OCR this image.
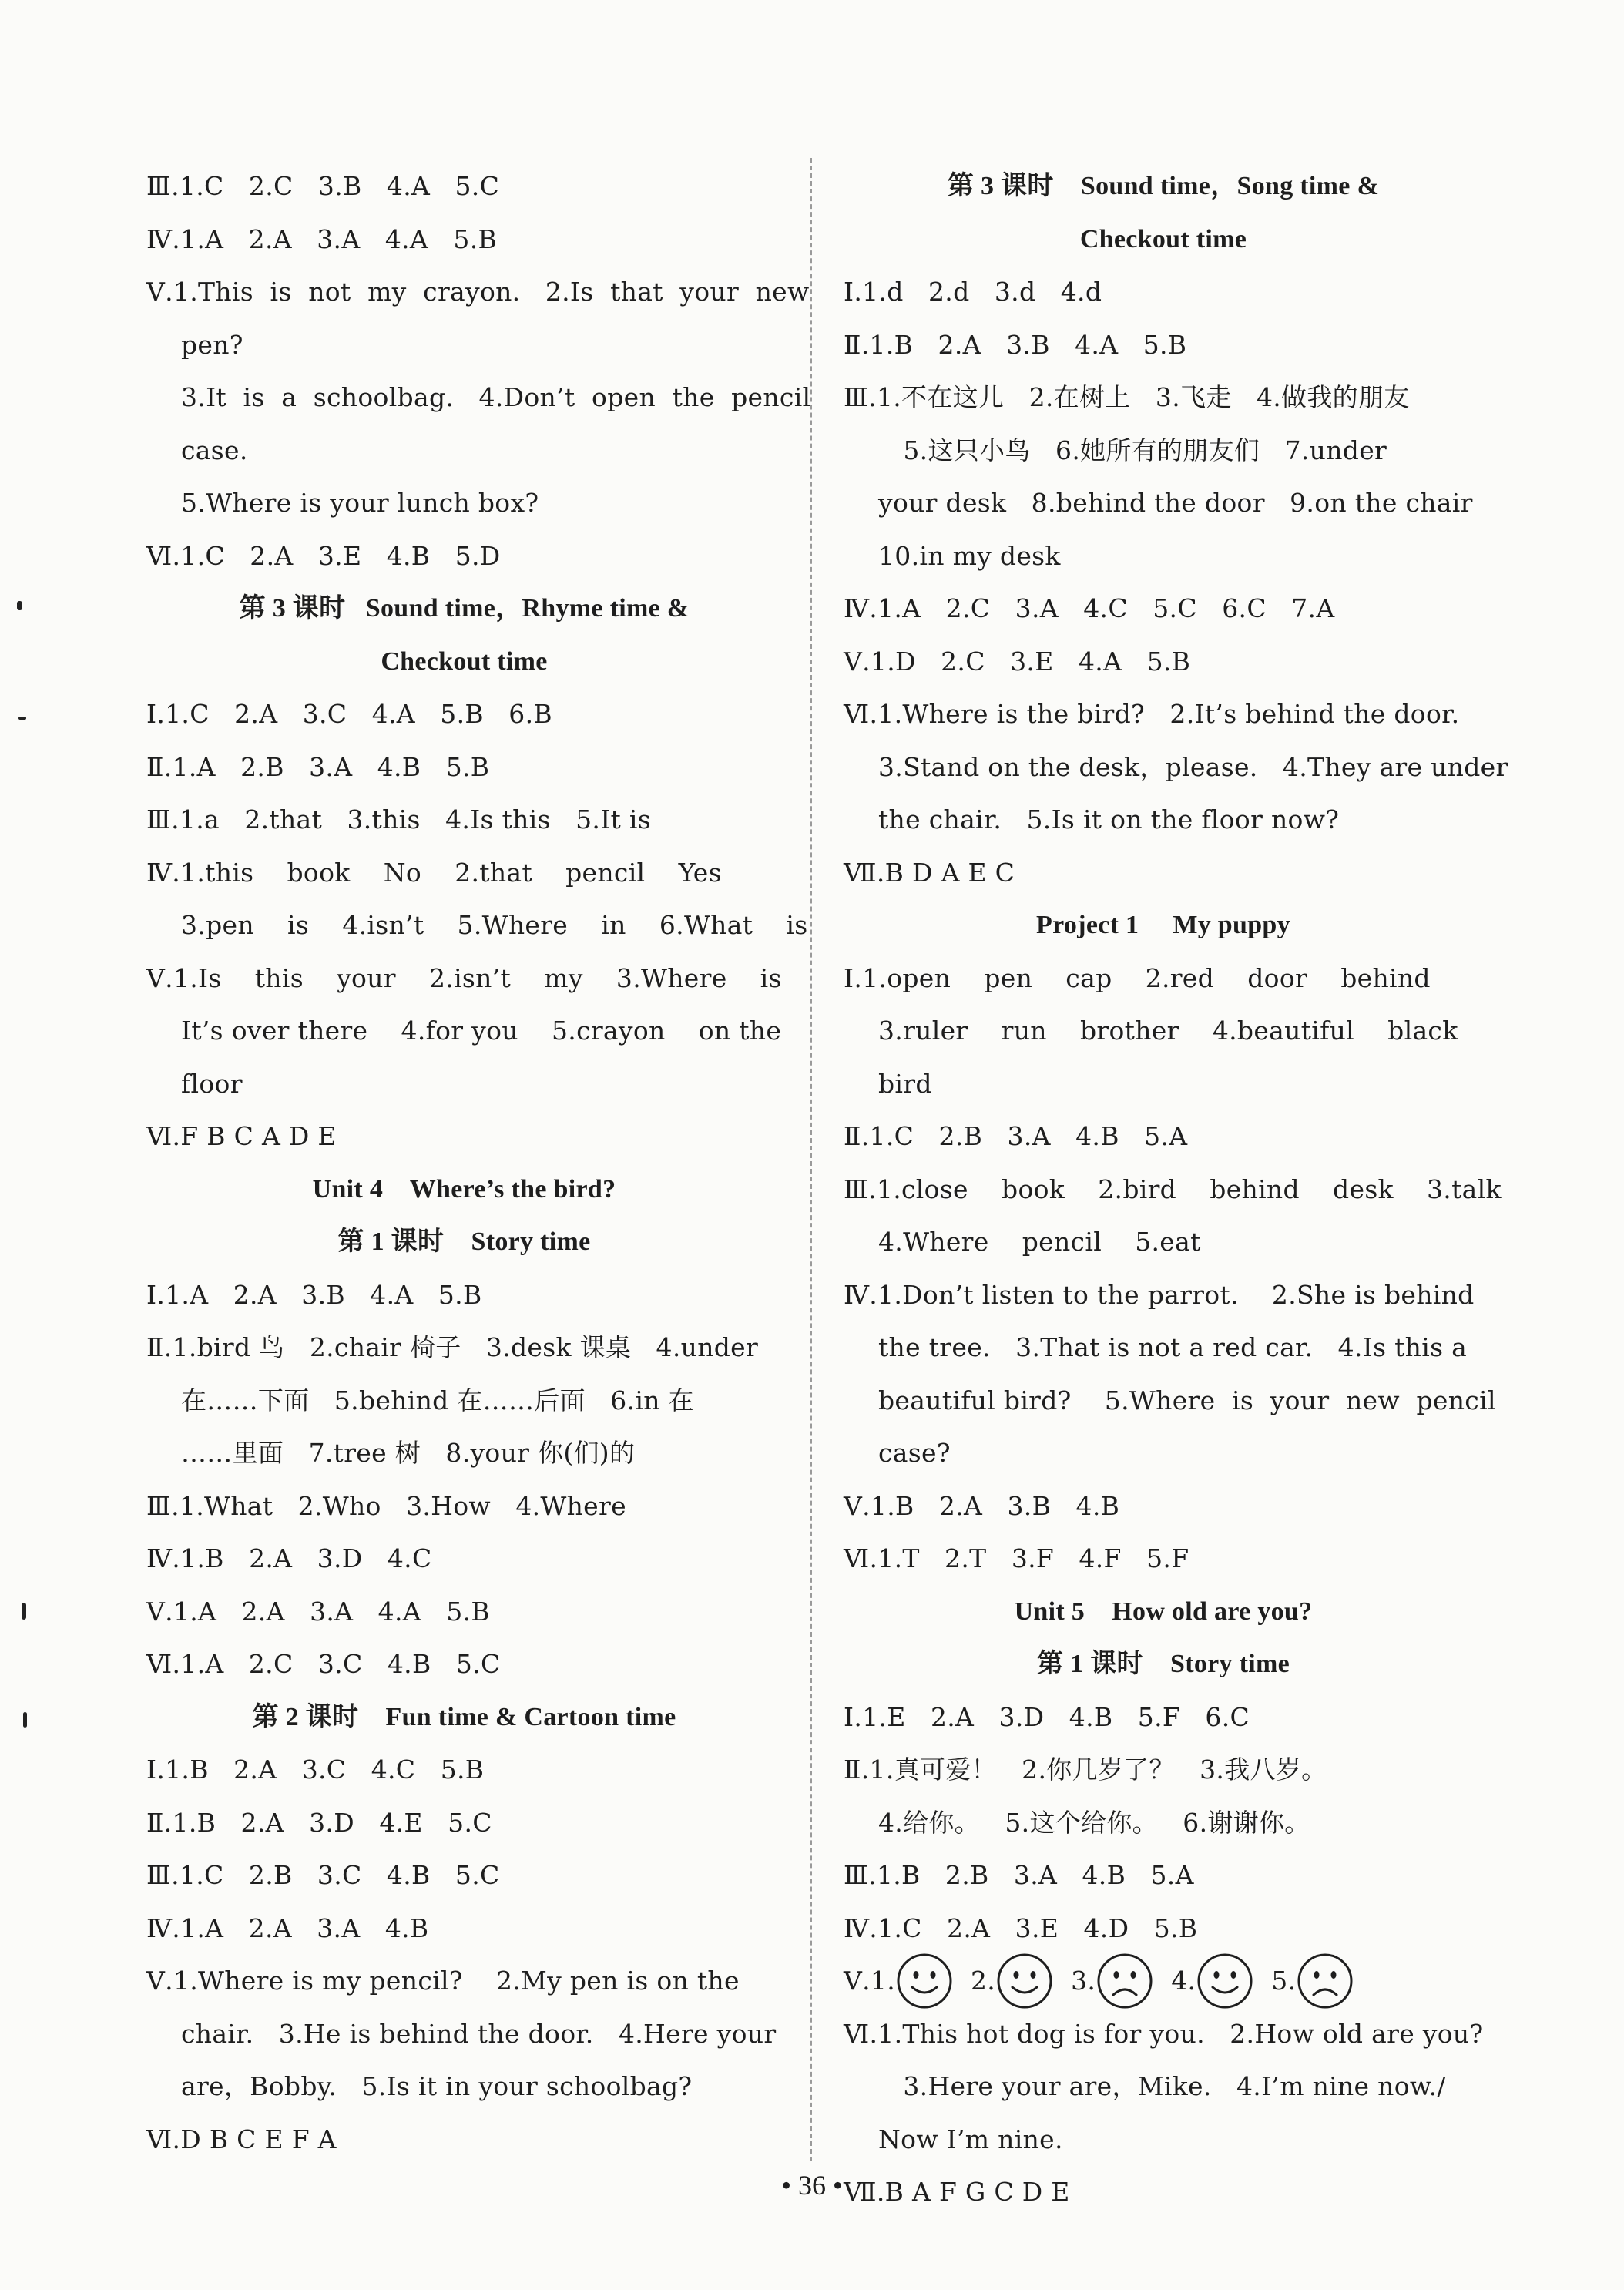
Ⅲ.1.C   2.C   3.B   4.A   5.C
Ⅳ.1.A   2.A   3.A   4.A   5.B
Ⅴ.1.This  is  not  my  crayon.   2.Is  that  your  new
pen?
3.It  is  a  schoolbag.   4.Don’t  open  the  pencil
case.
5.Where is your lunch box?
Ⅵ.1.C   2.A   3.E   4.B   5.D
第 3 课时   Sound time，Rhyme time &
Checkout time
Ⅰ.1.C   2.A   3.C   4.A   5.B   6.B
Ⅱ.1.A   2.B   3.A   4.B   5.B
Ⅲ.1.a   2.that   3.this   4.Is this   5.It is
Ⅳ.1.this    book    No    2.that    pencil    Yes
3.pen    is    4.isn’t    5.Where    in    6.What    is
Ⅴ.1.Is    this    your    2.isn’t    my    3.Where    is
It’s over there    4.for you    5.crayon    on the
floor
Ⅵ.F B C A D E
Unit 4    Where’s the bird?
第 1 课时    Story time
Ⅰ.1.A   2.A   3.B   4.A   5.B
Ⅱ.1.bird 鸟   2.chair 椅子   3.desk 课桌   4.under
在……下面   5.behind 在……后面   6.in 在
……里面   7.tree 树   8.your 你(们)的
Ⅲ.1.What   2.Who   3.How   4.Where
Ⅳ.1.B   2.A   3.D   4.C
Ⅴ.1.A   2.A   3.A   4.A   5.B
Ⅵ.1.A   2.C   3.C   4.B   5.C
第 2 课时    Fun time & Cartoon time
Ⅰ.1.B   2.A   3.C   4.C   5.B
Ⅱ.1.B   2.A   3.D   4.E   5.C
Ⅲ.1.C   2.B   3.C   4.B   5.C
Ⅳ.1.A   2.A   3.A   4.B
Ⅴ.1.Where is my pencil?    2.My pen is on the
chair.   3.He is behind the door.   4.Here your
are，Bobby.   5.Is it in your schoolbag?
Ⅵ.D B C E F A
第 3 课时    Sound time，Song time &
Checkout time
Ⅰ.1.d   2.d   3.d   4.d
Ⅱ.1.B   2.A   3.B   4.A   5.B
Ⅲ.1.不在这儿   2.在树上   3.飞走   4.做我的朋友
5.这只小鸟   6.她所有的朋友们   7.under
your desk   8.behind the door   9.on the chair
10.in my desk
Ⅳ.1.A   2.C   3.A   4.C   5.C   6.C   7.A
Ⅴ.1.D   2.C   3.E   4.A   5.B
Ⅵ.1.Where is the bird?   2.It’s behind the door.
3.Stand on the desk，please.   4.They are under
the chair.   5.Is it on the floor now?
Ⅶ.B D A E C
Project 1     My puppy
Ⅰ.1.open    pen    cap    2.red    door    behind
3.ruler    run    brother    4.beautiful    black
bird
Ⅱ.1.C   2.B   3.A   4.B   5.A
Ⅲ.1.close    book    2.bird    behind    desk    3.talk
4.Where    pencil    5.eat
Ⅳ.1.Don’t listen to the parrot.    2.She is behind
the tree.   3.That is not a red car.   4.Is this a
beautiful bird?    5.Where  is  your  new  pencil
case?
Ⅴ.1.B   2.A   3.B   4.B
Ⅵ.1.T   2.T   3.F   4.F   5.F
Unit 5    How old are you?
第 1 课时    Story time
Ⅰ.1.E   2.A   3.D   4.B   5.F   6.C
Ⅱ.1.真可爱！   2.你几岁了？   3.我八岁。
4.给你。   5.这个给你。   6.谢谢你。
Ⅲ.1.B   2.B   3.A   4.B   5.A
Ⅳ.1.C   2.A   3.E   4.D   5.B
Ⅴ. 1.	2.	3.	4.	5.
Ⅵ.1.This hot dog is for you.   2.How old are you?
3.Here your are，Mike.   4.I’m nine now./
Now I’m nine.
Ⅶ.B A F G C D E
• 36 •
